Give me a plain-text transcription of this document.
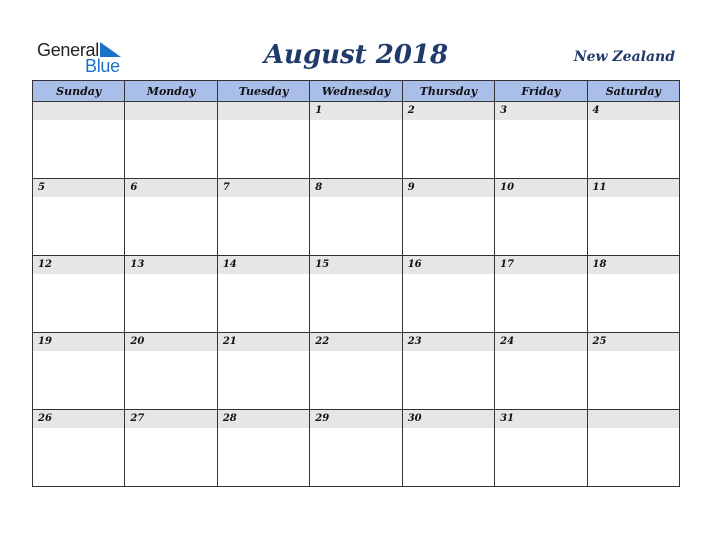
General
Blue	August 2018	New Zealand
Sunday	Monday	Tuesday	Wednesday	Thursday	Friday	Saturday

			1	2	3	4

5	6	7	8	9	10	11

12	13	14	15	16	17	18

19	20	21	22	23	24	25

26	27	28	29	30	31	
